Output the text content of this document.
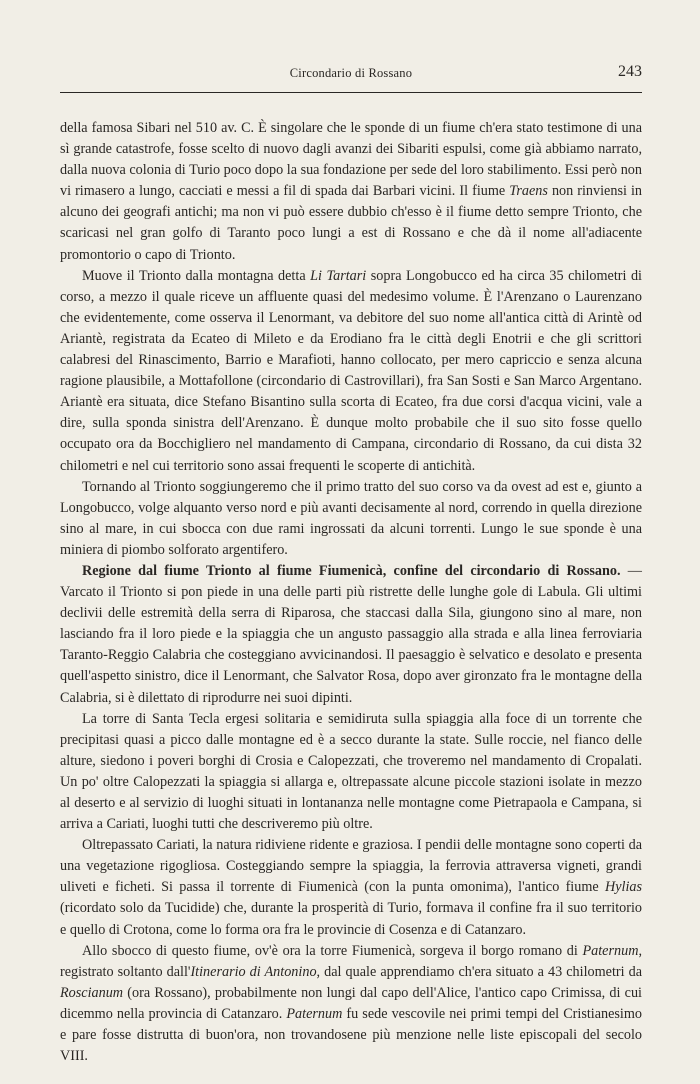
Circondario di Rossano	243

della famosa Sibari nel 510 av. C. È singolare che le sponde di un fiume ch'era stato testimone di una sì grande catastrofe, fosse scelto di nuovo dagli avanzi dei Sibariti espulsi, come già abbiamo narrato, dalla nuova colonia di Turio poco dopo la sua fondazione per sede del loro stabilimento. Essi però non vi rimasero a lungo, cacciati e messi a fil di spada dai Barbari vicini. Il fiume Traens non rinviensi in alcuno dei geografi antichi; ma non vi può essere dubbio ch'esso è il fiume detto sempre Trionto, che scaricasi nel gran golfo di Taranto poco lungi a est di Rossano e che dà il nome all'adiacente promontorio o capo di Trionto.

Muove il Trionto dalla montagna detta Li Tartari sopra Longobucco ed ha circa 35 chilometri di corso, a mezzo il quale riceve un affluente quasi del medesimo volume. È l'Arenzano o Laurenzano che evidentemente, come osserva il Lenormant, va debitore del suo nome all'antica città di Arintè od Ariantè, registrata da Ecateo di Mileto e da Erodiano fra le città degli Enotrii e che gli scrittori calabresi del Rinascimento, Barrio e Marafioti, hanno collocato, per mero capriccio e senza alcuna ragione plausibile, a Mottafollone (circondario di Castrovillari), fra San Sosti e San Marco Argentano. Ariantè era situata, dice Stefano Bisantino sulla scorta di Ecateo, fra due corsi d'acqua vicini, vale a dire, sulla sponda sinistra dell'Arenzano. È dunque molto probabile che il suo sito fosse quello occupato ora da Bocchigliero nel mandamento di Campana, circondario di Rossano, da cui dista 32 chilometri e nel cui territorio sono assai frequenti le scoperte di antichità.

Tornando al Trionto soggiungeremo che il primo tratto del suo corso va da ovest ad est e, giunto a Longobucco, volge alquanto verso nord e più avanti decisamente al nord, correndo in quella direzione sino al mare, in cui sbocca con due rami ingrossati da alcuni torrenti. Lungo le sue sponde è una miniera di piombo solforato argentifero.

Regione dal fiume Trionto al fiume Fiumenicà, confine del circondario di Rossano. — Varcato il Trionto si pon piede in una delle parti più ristrette delle lunghe gole di Labula. Gli ultimi declivii delle estremità della serra di Riparosa, che staccasi dalla Sila, giungono sino al mare, non lasciando fra il loro piede e la spiaggia che un angusto passaggio alla strada e alla linea ferroviaria Taranto-Reggio Calabria che costeggiano avvicinandosi. Il paesaggio è selvatico e desolato e presenta quell'aspetto sinistro, dice il Lenormant, che Salvator Rosa, dopo aver gironzato fra le montagne della Calabria, si è dilettato di riprodurre nei suoi dipinti.

La torre di Santa Tecla ergesi solitaria e semidiruta sulla spiaggia alla foce di un torrente che precipitasi quasi a picco dalle montagne ed è a secco durante la state. Sulle roccie, nel fianco delle alture, siedono i poveri borghi di Crosia e Calopezzati, che troveremo nel mandamento di Cropalati. Un po' oltre Calopezzati la spiaggia si allarga e, oltrepassate alcune piccole stazioni isolate in mezzo al deserto e al servizio di luoghi situati in lontananza nelle montagne come Pietrapaola e Campana, si arriva a Cariati, luoghi tutti che descriveremo più oltre.

Oltrepassato Cariati, la natura ridiviene ridente e graziosa. I pendii delle montagne sono coperti da una vegetazione rigogliosa. Costeggiando sempre la spiaggia, la ferrovia attraversa vigneti, grandi uliveti e ficheti. Si passa il torrente di Fiumenicà (con la punta omonima), l'antico fiume Hylias (ricordato solo da Tucidide) che, durante la prosperità di Turio, formava il confine fra il suo territorio e quello di Crotona, come lo forma ora fra le provincie di Cosenza e di Catanzaro.

Allo sbocco di questo fiume, ov'è ora la torre Fiumenicà, sorgeva il borgo romano di Paternum, registrato soltanto dall'Itinerario di Antonino, dal quale apprendiamo ch'era situato a 43 chilometri da Roscianum (ora Rossano), probabilmente non lungi dal capo dell'Alice, l'antico capo Crimissa, di cui dicemmo nella provincia di Catanzaro. Paternum fu sede vescovile nei primi tempi del Cristianesimo e pare fosse distrutta di buon'ora, non trovandosene più menzione nelle liste episcopali del secolo VIII.
